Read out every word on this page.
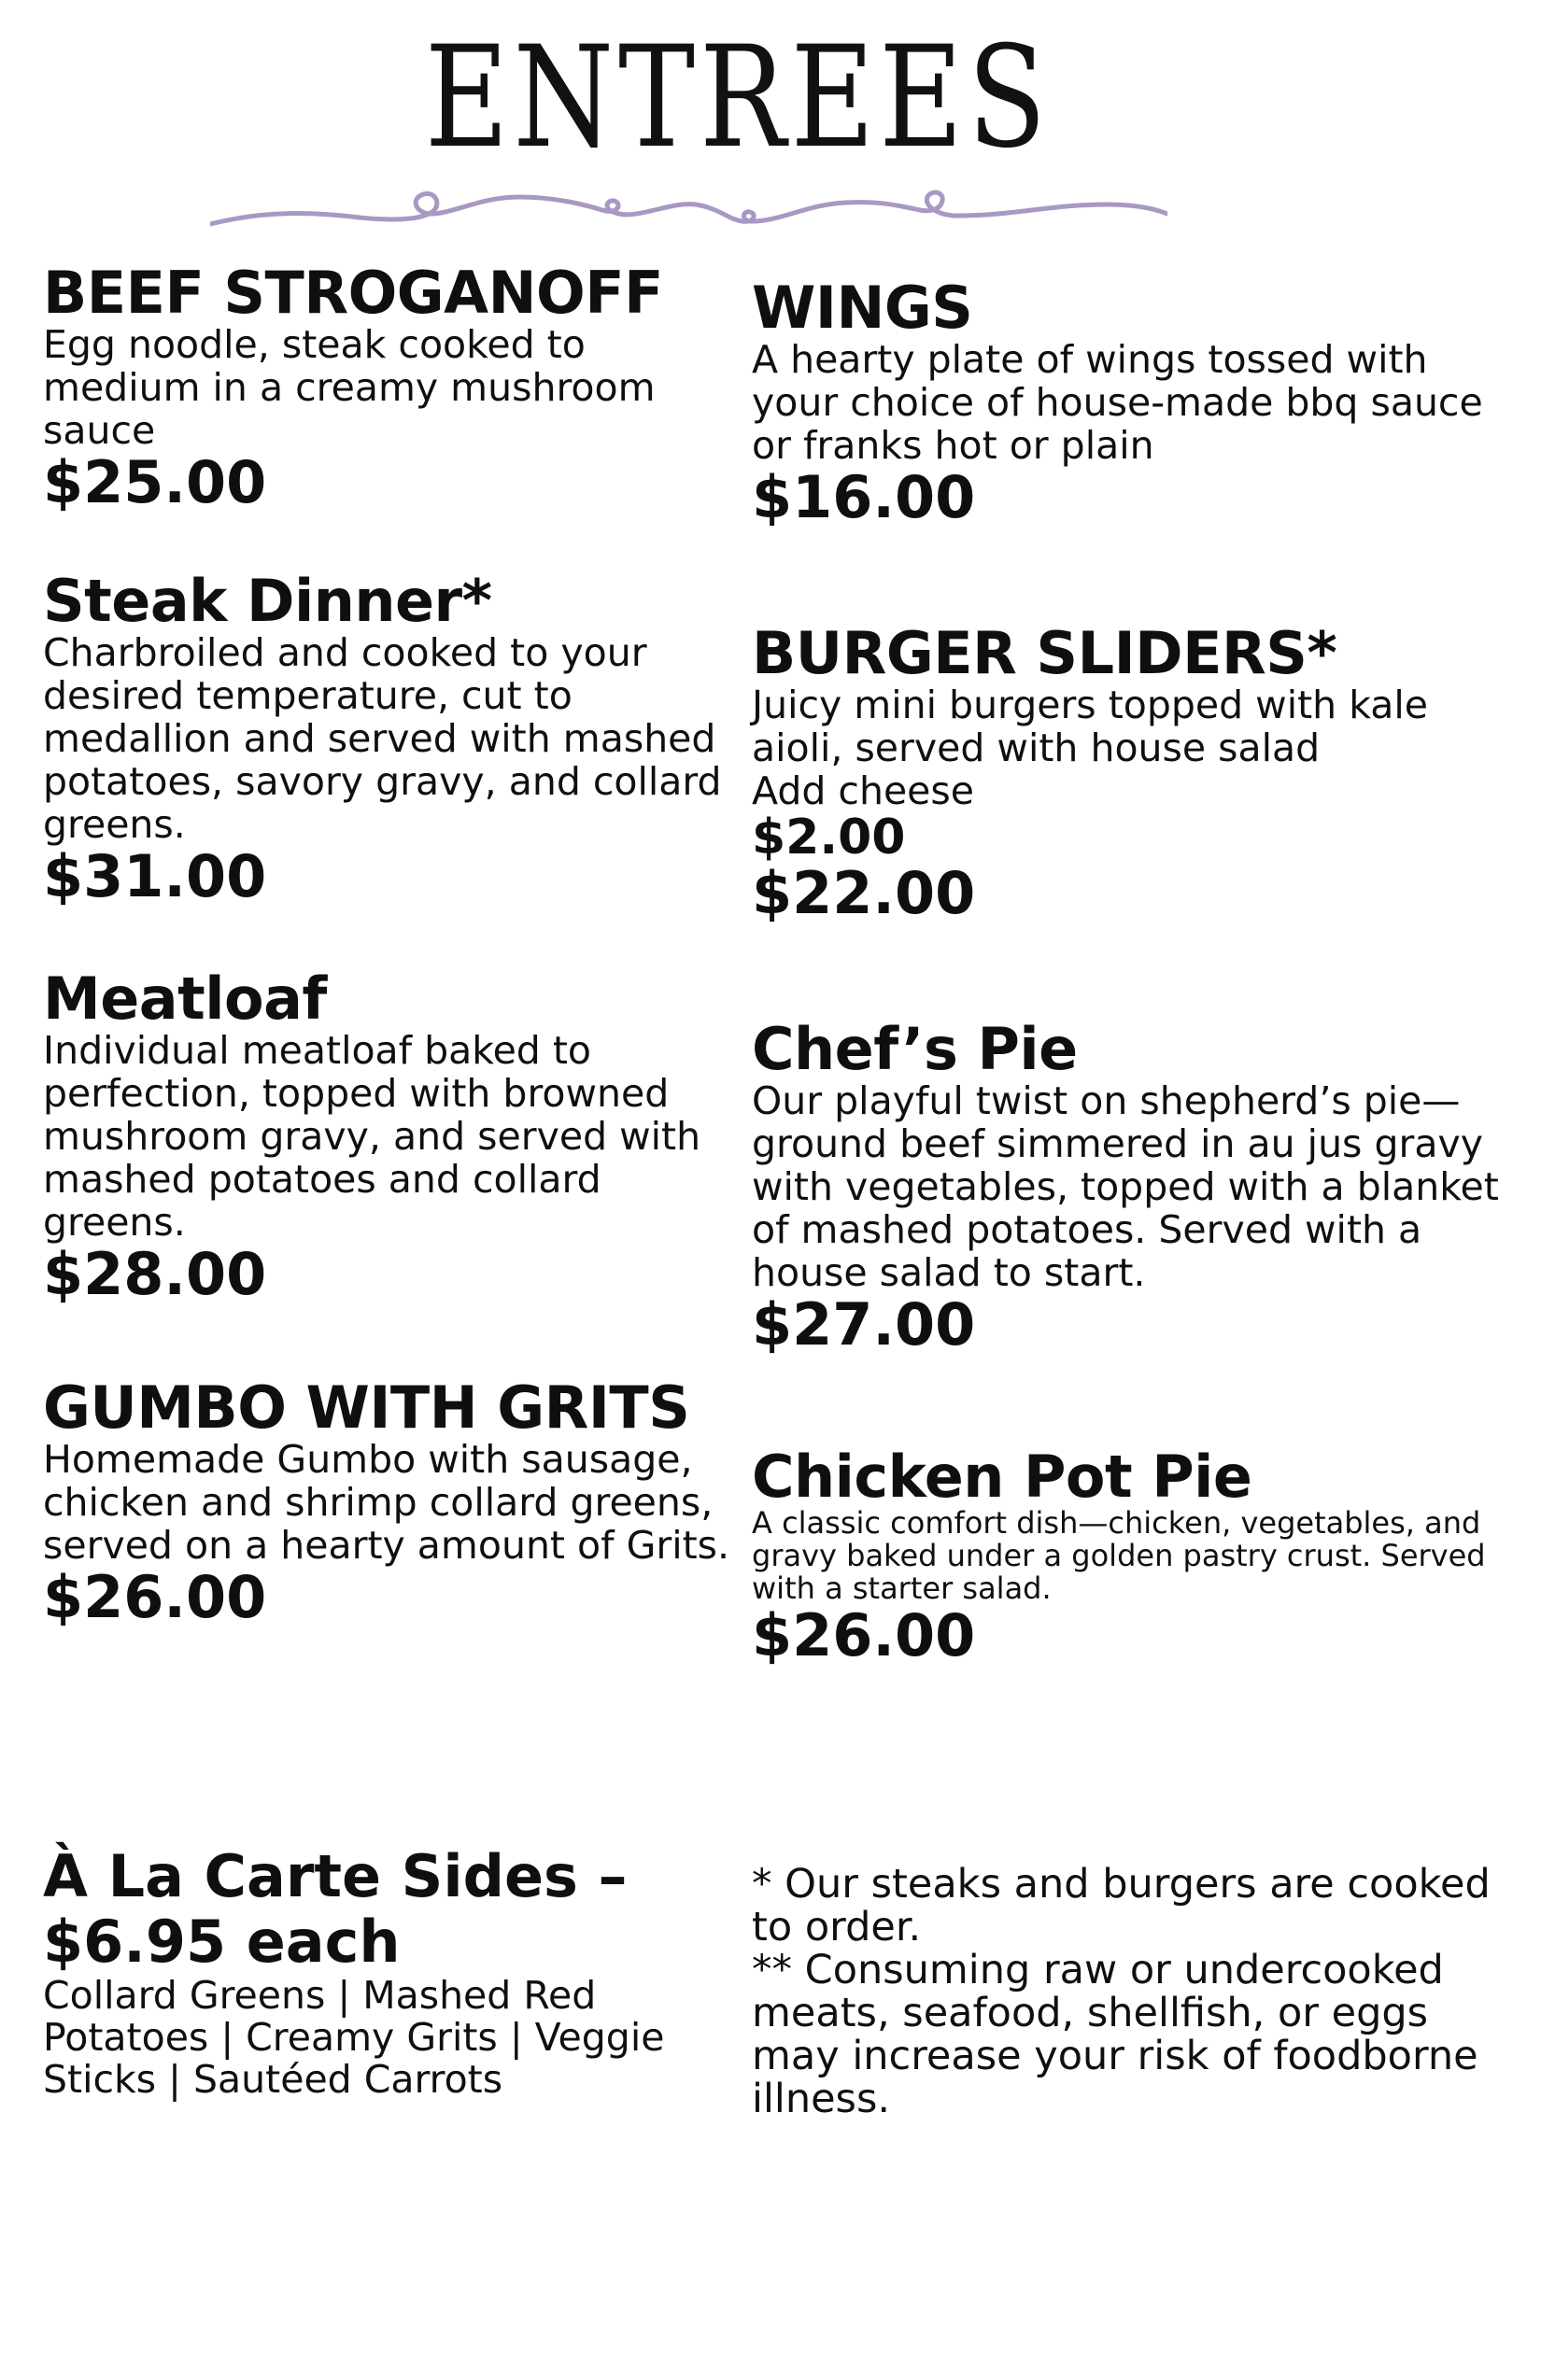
ENTREES
BEEF STROGANOFF
Egg noodle, steak cooked to medium in a creamy mushroom sauce
$25.00
Steak Dinner*
Charbroiled and cooked to your desired temperature, cut to medallion and served with mashed potatoes, savory gravy, and collard greens.
$31.00
Meatloaf
Individual meatloaf baked to perfection, topped with browned mushroom gravy, and served with mashed potatoes and collard greens.
$28.00
GUMBO WITH GRITS
Homemade Gumbo with sausage, chicken and shrimp collard greens, served on a hearty amount of Grits.
$26.00
À La Carte Sides – $6.95 each
Collard Greens | Mashed Red Potatoes | Creamy Grits | Veggie Sticks | Sautéed Carrots
WINGS
A hearty plate of wings tossed with your choice of house-made bbq sauce or franks hot or plain
$16.00
BURGER SLIDERS*
Juicy mini burgers topped with kale aioli, served with house salad
Add cheese
$2.00
$22.00
Chef’s Pie
Our playful twist on shepherd’s pie—ground beef simmered in au jus gravy with vegetables, topped with a blanket of mashed potatoes. Served with a house salad to start.
$27.00
Chicken Pot Pie
A classic comfort dish—chicken, vegetables, and gravy baked under a golden pastry crust. Served with a starter salad.
$26.00
* Our steaks and burgers are cooked to order.
** Consuming raw or undercooked meats, seafood, shellfish, or eggs may increase your risk of foodborne illness.
